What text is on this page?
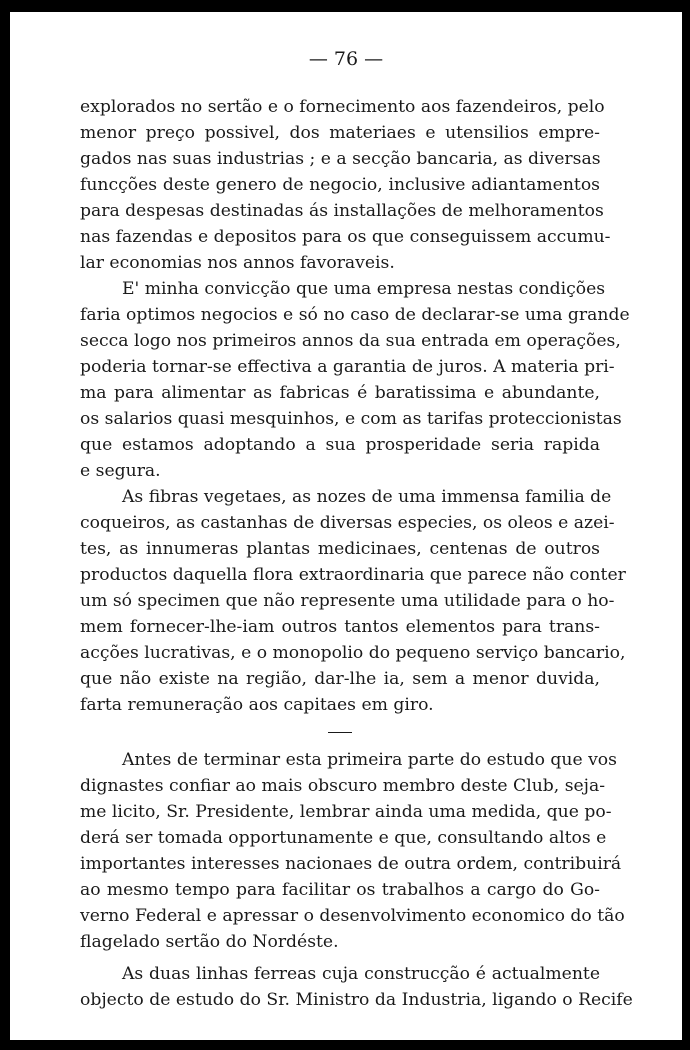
— 76 —
explorados no sertão e o fornecimento aos fazendeiros, pelo
menor preço possivel, dos materiaes e utensilios empre-
gados nas suas industrias ; e a secção bancaria, as diversas
funcções deste genero de negocio, inclusive adiantamentos
para despesas destinadas ás installações de melhoramentos
nas fazendas e depositos para os que conseguissem accumu-
lar economias nos annos favoraveis.
E' minha convicção que uma empresa nestas condições
faria optimos negocios e só no caso de declarar-se uma grande
secca logo nos primeiros annos da sua entrada em operações,
poderia tornar-se effectiva a garantia de juros. A materia pri-
ma para alimentar as fabricas é baratissima e abundante,
os salarios quasi mesquinhos, e com as tarifas proteccionistas
que estamos adoptando a sua prosperidade seria rapida
e segura.
As fibras vegetaes, as nozes de uma immensa familia de
coqueiros, as castanhas de diversas especies, os oleos e azei-
tes, as innumeras plantas medicinaes, centenas de outros
productos daquella flora extraordinaria que parece não conter
um só specimen que não represente uma utilidade para o ho-
mem fornecer-lhe-iam outros tantos elementos para trans-
acções lucrativas, e o monopolio do pequeno serviço bancario,
que não existe na região, dar-lhe ia, sem a menor duvida,
farta remuneração aos capitaes em giro.
Antes de terminar esta primeira parte do estudo que vos
dignastes confiar ao mais obscuro membro deste Club, seja-
me licito, Sr. Presidente, lembrar ainda uma medida, que po-
derá ser tomada opportunamente e que, consultando altos e
importantes interesses nacionaes de outra ordem, contribuirá
ao mesmo tempo para facilitar os trabalhos a cargo do Go-
verno Federal e apressar o desenvolvimento economico do tão
flagelado sertão do Nordéste.
As duas linhas ferreas cuja construcção é actualmente
objecto de estudo do Sr. Ministro da Industria, ligando o Recife
